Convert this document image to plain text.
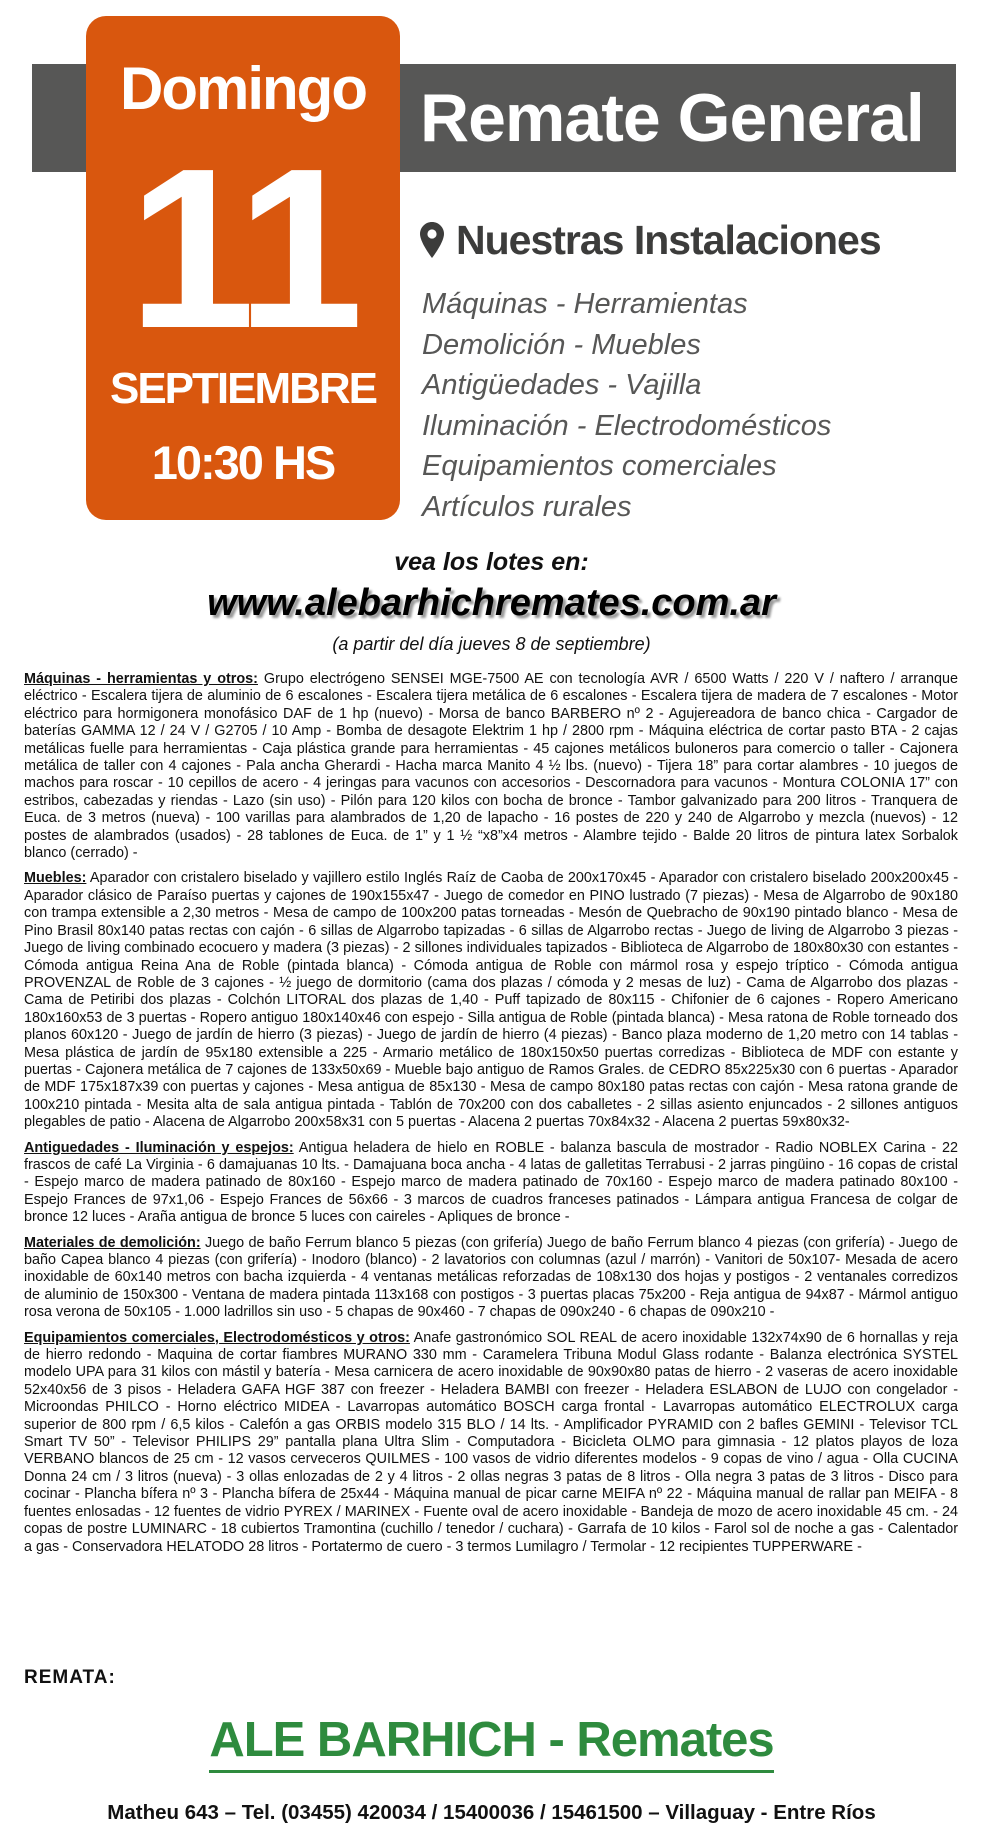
Remate General
Domingo
11
SEPTIEMBRE
10:30 HS
Nuestras Instalaciones
Máquinas - Herramientas
Demolición - Muebles
Antigüedades - Vajilla
Iluminación - Electrodomésticos
Equipamientos comerciales
Artículos rurales
vea los lotes en:
www.alebarhichremates.com.ar
(a partir del día jueves 8 de septiembre)

Máquinas - herramientas y otros: Grupo electrógeno SENSEI MGE-7500 AE con tecnología AVR / 6500 Watts / 220 V / naftero / arranque eléctrico - Escalera tijera de aluminio de 6 escalones - Escalera tijera metálica de 6 escalones - Escalera tijera de madera de 7 escalones - Motor eléctrico para hormigonera monofásico DAF de 1 hp (nuevo) - Morsa de banco BARBERO nº 2 - Agujereadora de banco chica - Cargador de baterías GAMMA 12 / 24 V / G2705 / 10 Amp - Bomba de desagote Elektrim 1 hp / 2800 rpm - Máquina eléctrica de cortar pasto BTA - 2 cajas metálicas fuelle para herramientas - Caja plástica grande para herramientas - 45 cajones metálicos buloneros para comercio o taller - Cajonera metálica de taller con 4 cajones - Pala ancha Gherardi - Hacha marca Manito 4 ½ lbs. (nuevo) - Tijera 18” para cortar alambres - 10 juegos de machos para roscar - 10 cepillos de acero - 4 jeringas para vacunos con accesorios - Descornadora para vacunos - Montura COLONIA 17” con estribos, cabezadas y riendas - Lazo (sin uso) - Pilón para 120 kilos con bocha de bronce - Tambor galvanizado para 200 litros - Tranquera de Euca. de 3 metros (nueva) - 100 varillas para alambrados de 1,20 de lapacho - 16 postes de 220 y 240 de Algarrobo y mezcla (nuevos) - 12 postes de alambrados (usados) - 28 tablones de Euca. de 1” y 1 ½ “x8”x4 metros - Alambre tejido - Balde 20 litros de pintura latex Sorbalok blanco (cerrado) -

Muebles: Aparador con cristalero biselado y vajillero estilo Inglés Raíz de Caoba de 200x170x45 - Aparador con cristalero biselado 200x200x45 - Aparador clásico de Paraíso puertas y cajones de 190x155x47 - Juego de comedor en PINO lustrado (7 piezas) - Mesa de Algarrobo de 90x180 con trampa extensible a 2,30 metros - Mesa de campo de 100x200 patas torneadas - Mesón de Quebracho de 90x190 pintado blanco - Mesa de Pino Brasil 80x140 patas rectas con cajón - 6 sillas de Algarrobo tapizadas - 6 sillas de Algarrobo rectas - Juego de living de Algarrobo 3 piezas - Juego de living combinado ecocuero y madera (3 piezas) - 2 sillones individuales tapizados - Biblioteca de Algarrobo de 180x80x30 con estantes - Cómoda antigua Reina Ana de Roble (pintada blanca) - Cómoda antigua de Roble con mármol rosa y espejo tríptico - Cómoda antigua PROVENZAL de Roble de 3 cajones - ½ juego de dormitorio (cama dos plazas / cómoda y 2 mesas de luz) - Cama de Algarrobo dos plazas - Cama de Petiribi dos plazas - Colchón LITORAL dos plazas de 1,40 - Puff tapizado de 80x115 - Chifonier de 6 cajones - Ropero Americano 180x160x53 de 3 puertas - Ropero antiguo 180x140x46 con espejo - Silla antigua de Roble (pintada blanca) - Mesa ratona de Roble torneado dos planos 60x120 - Juego de jardín de hierro (3 piezas) - Juego de jardín de hierro (4 piezas) - Banco plaza moderno de 1,20 metro con 14 tablas - Mesa plástica de jardín de 95x180 extensible a 225 - Armario metálico de 180x150x50 puertas corredizas - Biblioteca de MDF con estante y puertas - Cajonera metálica de 7 cajones de 133x50x69 - Mueble bajo antiguo de Ramos Grales. de CEDRO 85x225x30 con 6 puertas - Aparador de MDF 175x187x39 con puertas y cajones - Mesa antigua de 85x130 - Mesa de campo 80x180 patas rectas con cajón - Mesa ratona grande de 100x210 pintada - Mesita alta de sala antigua pintada - Tablón de 70x200 con dos caballetes - 2 sillas asiento enjuncados - 2 sillones antiguos plegables de patio - Alacena de Algarrobo 200x58x31 con 5 puertas - Alacena 2 puertas 70x84x32 - Alacena 2 puertas 59x80x32-

Antiguedades - Iluminación y espejos: Antigua heladera de hielo en ROBLE - balanza bascula de mostrador - Radio NOBLEX Carina - 22 frascos de café La Virginia - 6 damajuanas 10 lts. - Damajuana boca ancha - 4 latas de galletitas Terrabusi - 2 jarras pingüino - 16 copas de cristal - Espejo marco de madera patinado de 80x160 - Espejo marco de madera patinado de 70x160 - Espejo marco de madera patinado 80x100 - Espejo Frances de 97x1,06 - Espejo Frances de 56x66 - 3 marcos de cuadros franceses patinados - Lámpara antigua Francesa de colgar de bronce 12 luces - Araña antigua de bronce 5 luces con caireles - Apliques de bronce -

Materiales de demolición: Juego de baño Ferrum blanco 5 piezas (con grifería) Juego de baño Ferrum blanco 4 piezas (con grifería) - Juego de baño Capea blanco 4 piezas (con grifería) - Inodoro (blanco) - 2 lavatorios con columnas (azul / marrón) - Vanitori de 50x107- Mesada de acero inoxidable de 60x140 metros con bacha izquierda - 4 ventanas metálicas reforzadas de 108x130 dos hojas y postigos - 2 ventanales corredizos de aluminio de 150x300 - Ventana de madera pintada 113x168 con postigos - 3 puertas placas 75x200 - Reja antigua de 94x87 - Mármol antiguo rosa verona de 50x105 - 1.000 ladrillos sin uso - 5 chapas de 90x460 - 7 chapas de 090x240 - 6 chapas de 090x210 -

Equipamientos comerciales, Electrodomésticos y otros: Anafe gastronómico SOL REAL de acero inoxidable 132x74x90 de 6 hornallas y reja de hierro redondo - Maquina de cortar fiambres MURANO 330 mm - Caramelera Tribuna Modul Glass rodante - Balanza electrónica SYSTEL modelo UPA para 31 kilos con mástil y batería - Mesa carnicera de acero inoxidable de 90x90x80 patas de hierro - 2 vaseras de acero inoxidable 52x40x56 de 3 pisos - Heladera GAFA HGF 387 con freezer - Heladera BAMBI con freezer - Heladera ESLABON de LUJO con congelador - Microondas PHILCO - Horno eléctrico MIDEA - Lavarropas automático BOSCH carga frontal - Lavarropas automático ELECTROLUX carga superior de 800 rpm / 6,5 kilos - Calefón a gas ORBIS modelo 315 BLO / 14 lts. - Amplificador PYRAMID con 2 bafles GEMINI - Televisor TCL Smart TV 50” - Televisor PHILIPS 29” pantalla plana Ultra Slim - Computadora - Bicicleta OLMO para gimnasia - 12 platos playos de loza VERBANO blancos de 25 cm - 12 vasos cerveceros QUILMES - 100 vasos de vidrio diferentes modelos - 9 copas de vino / agua - Olla CUCINA Donna 24 cm / 3 litros (nueva) - 3 ollas enlozadas de 2 y 4 litros - 2 ollas negras 3 patas de 8 litros - Olla negra 3 patas de 3 litros - Disco para cocinar - Plancha bífera nº 3 - Plancha bífera de 25x44 - Máquina manual de picar carne MEIFA nº 22 - Máquina manual de rallar pan MEIFA - 8 fuentes enlosadas - 12 fuentes de vidrio PYREX / MARINEX - Fuente oval de acero inoxidable - Bandeja de mozo de acero inoxidable 45 cm. - 24 copas de postre LUMINARC - 18 cubiertos Tramontina (cuchillo / tenedor / cuchara) - Garrafa de 10 kilos - Farol sol de noche a gas - Calentador a gas - Conservadora HELATODO 28 litros - Portatermo de cuero - 3 termos Lumilagro / Termolar - 12 recipientes TUPPERWARE -

REMATA:
ALE BARHICH - Remates
Matheu 643 – Tel. (03455) 420034 / 15400036 / 15461500 – Villaguay - Entre Ríos
